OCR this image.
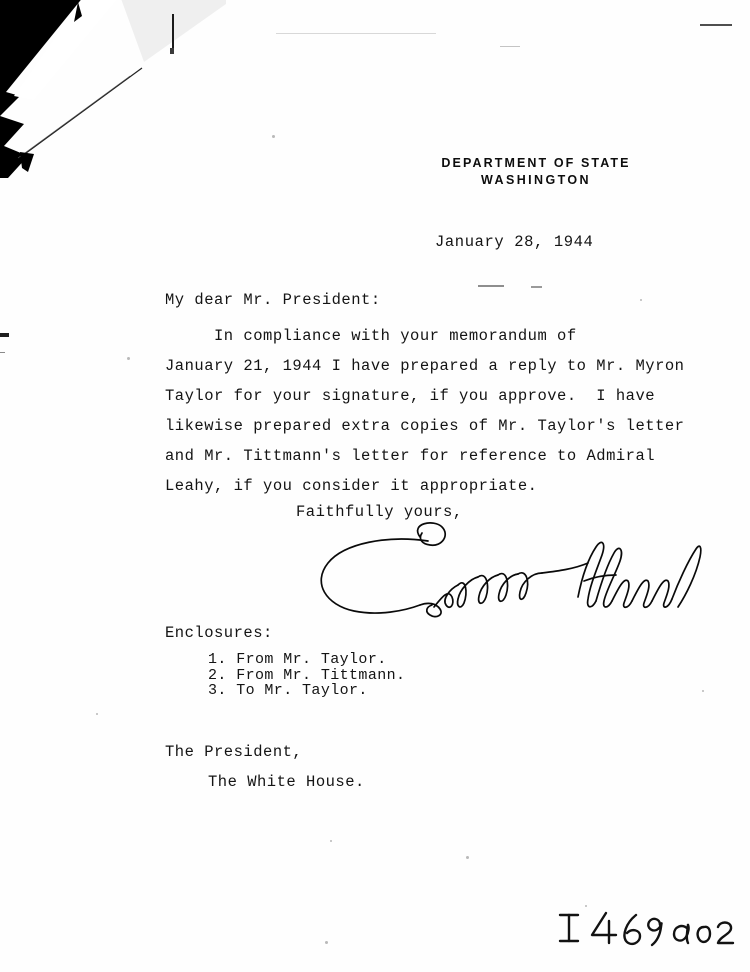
DEPARTMENT OF STATE
WASHINGTON
January 28, 1944
My dear Mr. President:
In compliance with your memorandum of
January 21, 1944 I have prepared a reply to Mr. Myron
Taylor for your signature, if you approve.  I have
likewise prepared extra copies of Mr. Taylor's letter
and Mr. Tittmann's letter for reference to Admiral
Leahy, if you consider it appropriate.
Faithfully yours,
Enclosures:
1. From Mr. Taylor.
2. From Mr. Tittmann.
3. To Mr. Taylor.
The President,
The White House.
